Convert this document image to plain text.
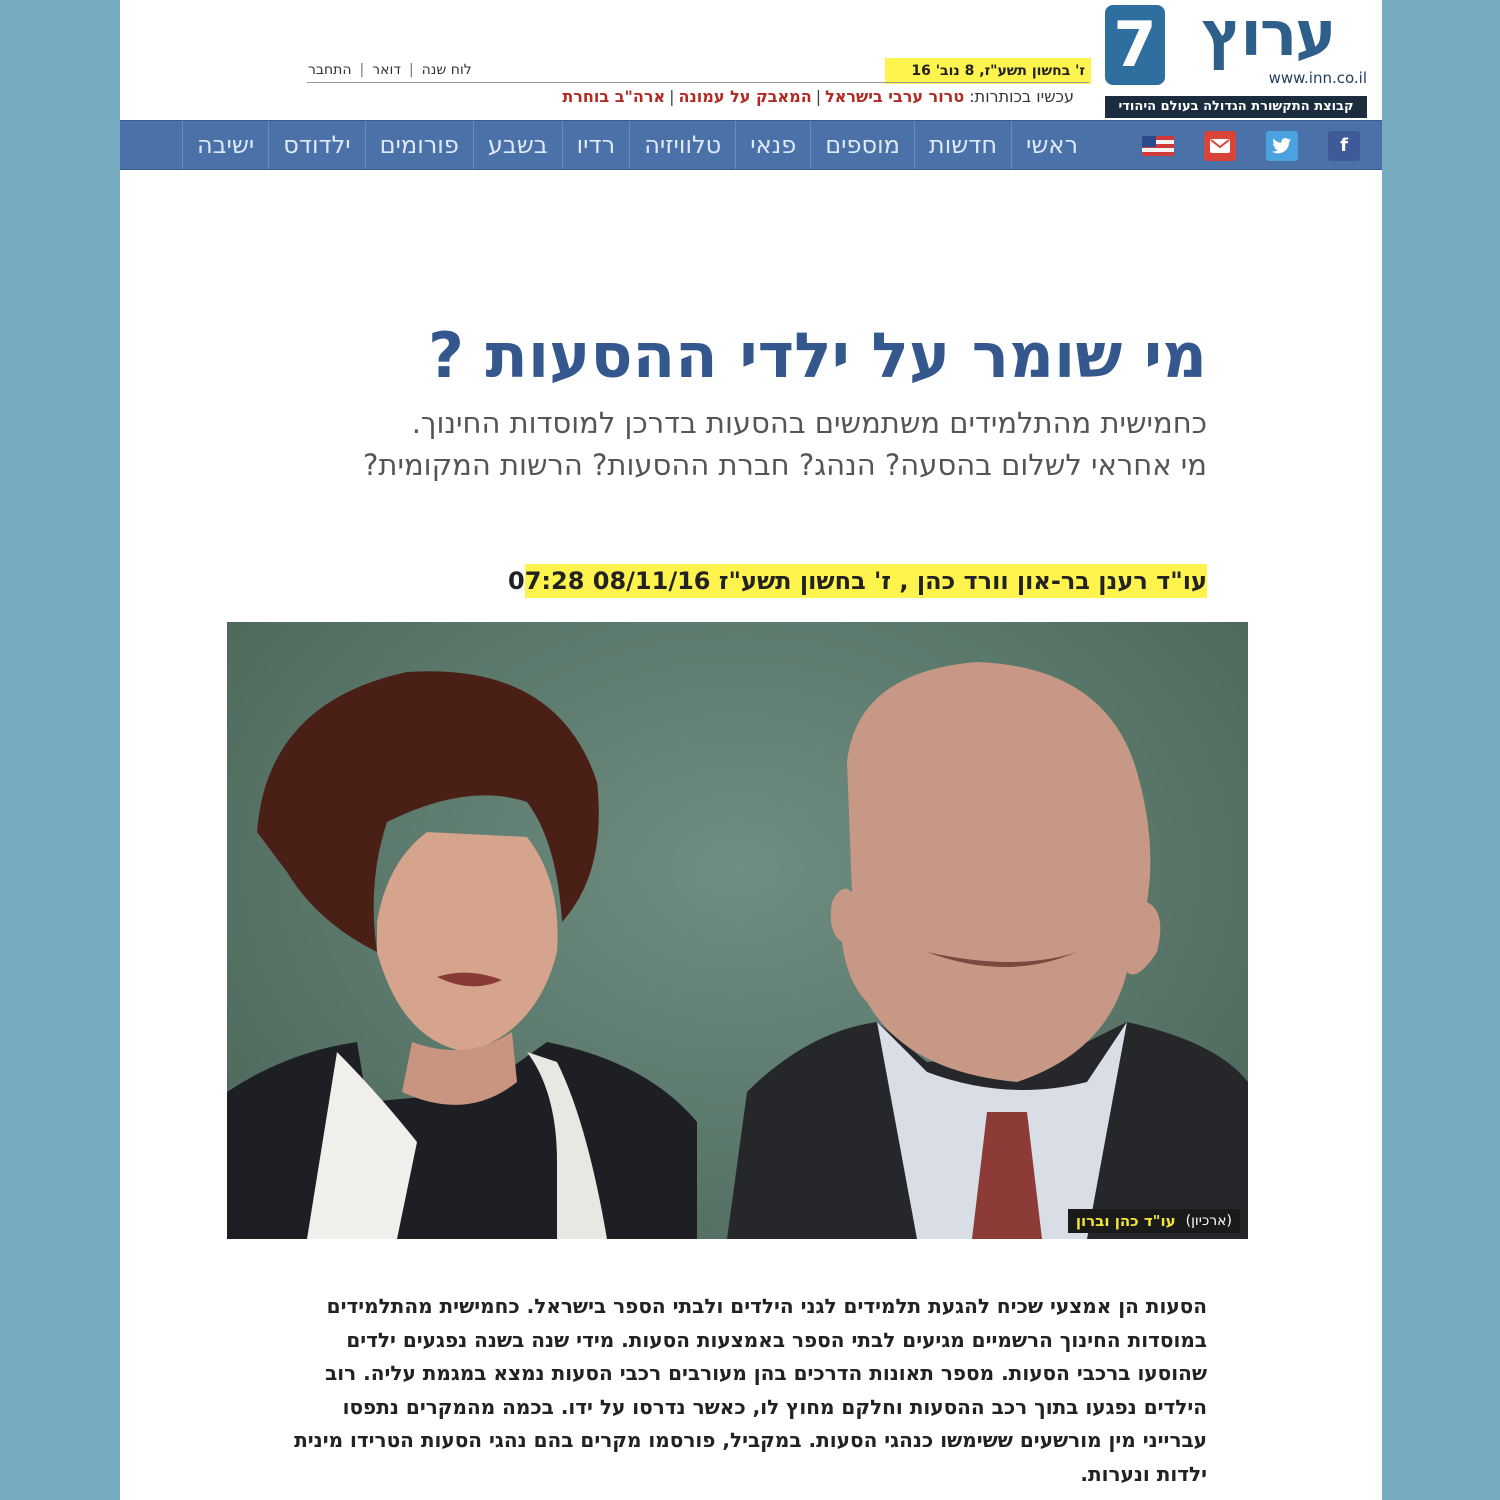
7 ערוץ
www.inn.co.il
קבוצת התקשורת הגדולה בעולם היהודי
ז' בחשון תשע"ז, 8 נוב' 16
התחבר | דואר | לוח שנה
עכשיו בכותרות: טרור ערבי בישראל|המאבק על עמונה|ארה"ב בוחרת
f
ראשי
חדשות
מוספים
פנאי
טלוויזיה
רדיו
בשבע
פורומים
ילדודס
ישיבה
מי שומר על ילדי ההסעות ?
כחמישית מהתלמידים משתמשים בהסעות בדרכן למוסדות החינוך.
מי אחראי לשלום בהסעה? הנהג? חברת ההסעות? הרשות המקומית?
עו"ד רענן בר-און וורד כהן , ז' בחשון תשע"ז 08/11/16 07:28
עו"ד כהן וברון (ארכיון)

הסעות הן אמצעי שכיח להגעת תלמידים לגני הילדים ולבתי הספר בישראל. כחמישית מהתלמידים במוסדות החינוך הרשמיים מגיעים לבתי הספר באמצעות הסעות. מידי שנה בשנה נפגעים ילדים שהוסעו ברכבי הסעות. מספר תאונות הדרכים בהן מעורבים רכבי הסעות נמצא במגמת עליה. רוב הילדים נפגעו בתוך רכב ההסעות וחלקם מחוץ לו, כאשר נדרסו על ידו. בכמה מהמקרים נתפסו עברייני מין מורשעים ששימשו כנהגי הסעות. במקביל, פורסמו מקרים בהם נהגי הסעות הטרידו מינית ילדות ונערות.
